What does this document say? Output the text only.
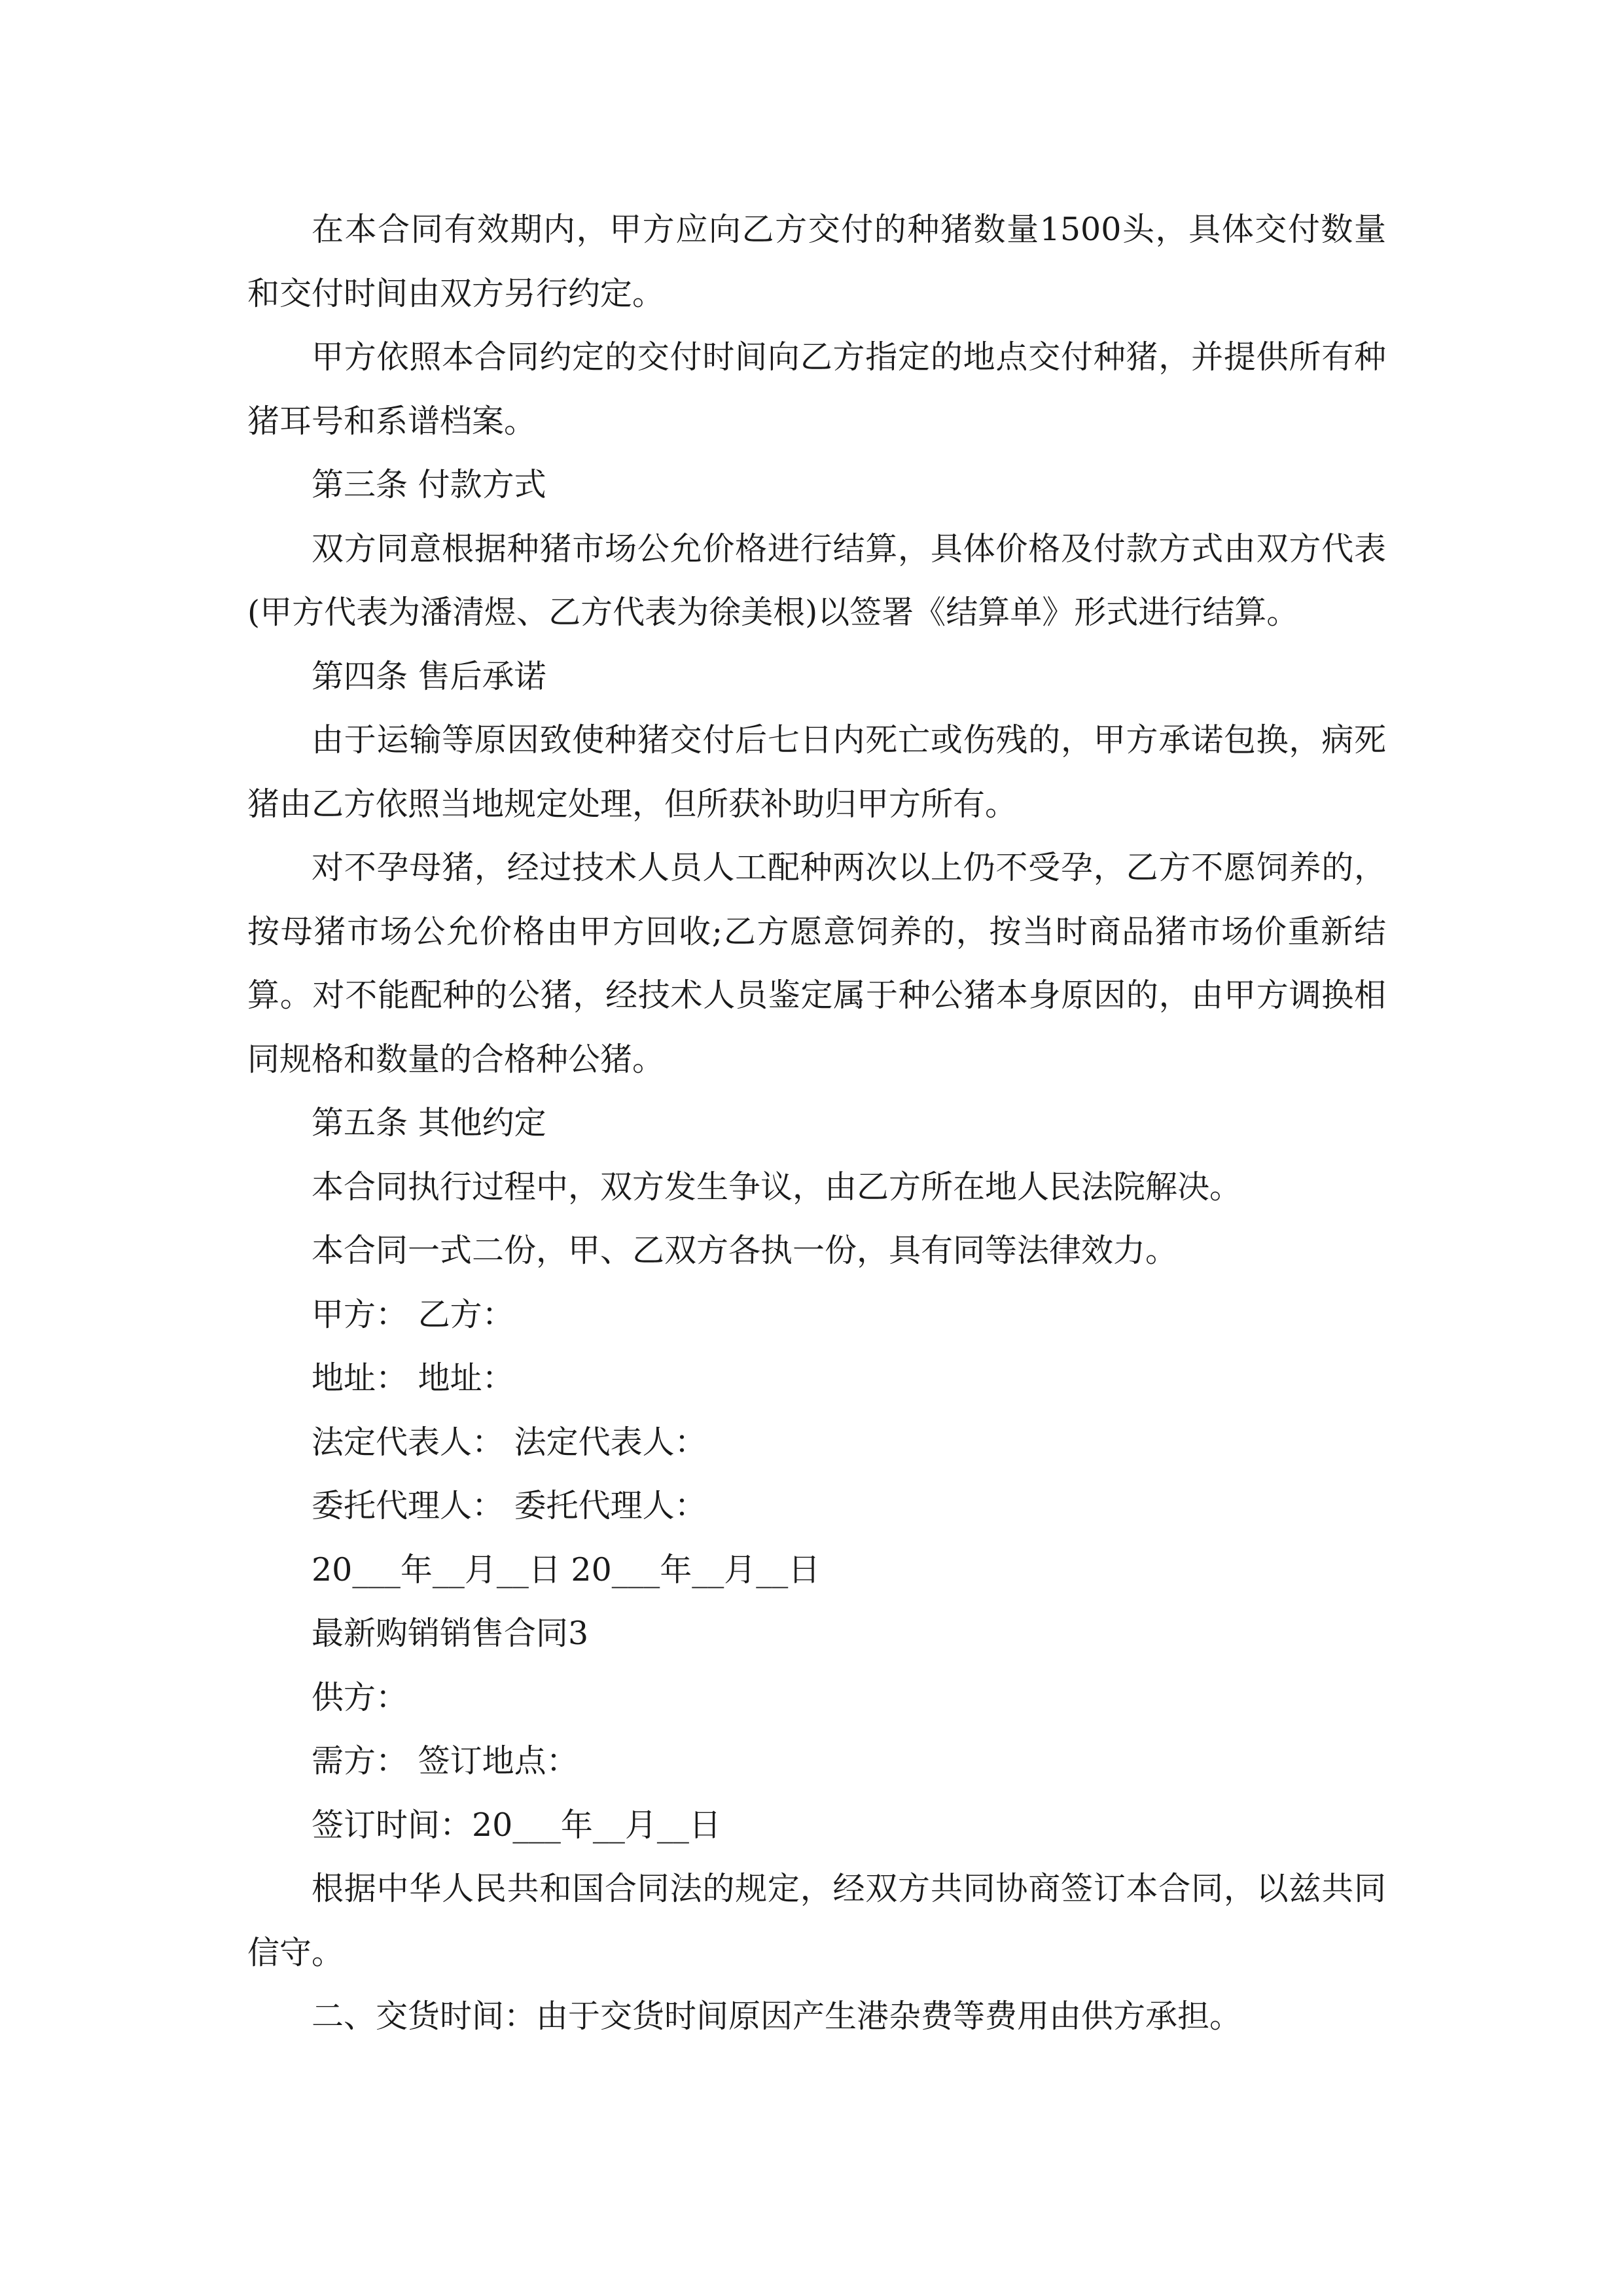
在本合同有效期内，甲方应向乙方交付的种猪数量1500头，具体交付数量和交付时间由双方另行约定。

甲方依照本合同约定的交付时间向乙方指定的地点交付种猪，并提供所有种猪耳号和系谱档案。

第三条 付款方式

双方同意根据种猪市场公允价格进行结算，具体价格及付款方式由双方代表(甲方代表为潘清煜、乙方代表为徐美根)以签署《结算单》形式进行结算。

第四条 售后承诺

由于运输等原因致使种猪交付后七日内死亡或伤残的，甲方承诺包换，病死猪由乙方依照当地规定处理，但所获补助归甲方所有。

对不孕母猪，经过技术人员人工配种两次以上仍不受孕，乙方不愿饲养的，按母猪市场公允价格由甲方回收;乙方愿意饲养的，按当时商品猪市场价重新结算。对不能配种的公猪，经技术人员鉴定属于种公猪本身原因的，由甲方调换相同规格和数量的合格种公猪。

第五条 其他约定

本合同执行过程中，双方发生争议，由乙方所在地人民法院解决。

本合同一式二份，甲、乙双方各执一份，具有同等法律效力。

甲方： 乙方：

地址： 地址：

法定代表人： 法定代表人：

委托代理人： 委托代理人：

20___年__月__日 20___年__月__日

最新购销销售合同3

供方：

需方： 签订地点：

签订时间：20___年__月__日

根据中华人民共和国合同法的规定，经双方共同协商签订本合同，以兹共同信守。

二、交货时间：由于交货时间原因产生港杂费等费用由供方承担。
